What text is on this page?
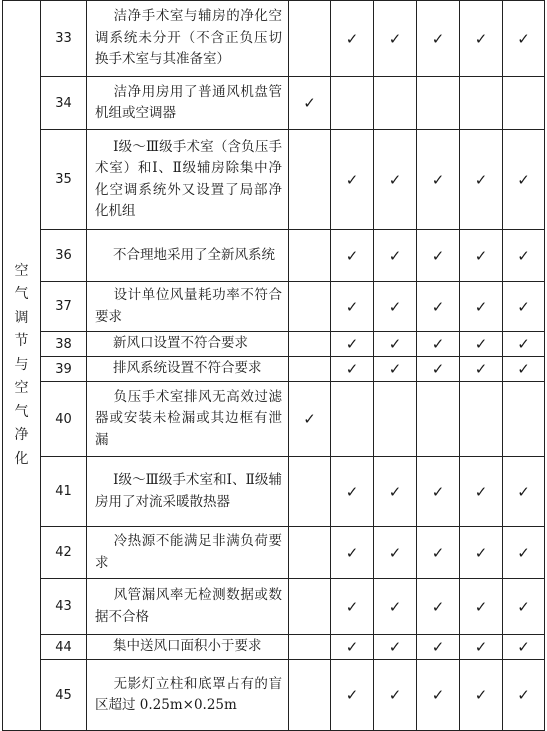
空气调节与空气净化	33	洁净手术室与辅房的净化空调系统未分开（不含正负压切换手术室与其准备室）		✓	✓	✓	✓	✓
	34	洁净用房用了普通风机盘管机组或空调器	✓					
	35	Ⅰ级～Ⅲ级手术室（含负压手术室）和Ⅰ、Ⅱ级辅房除集中净化空调系统外又设置了局部净化机组		✓	✓	✓	✓	✓
	36	不合理地采用了全新风系统		✓	✓	✓	✓	✓
	37	设计单位风量耗功率不符合要求		✓	✓	✓	✓	✓
	38	新风口设置不符合要求		✓	✓	✓	✓	✓
	39	排风系统设置不符合要求		✓	✓	✓	✓	✓
	40	负压手术室排风无高效过滤器或安装未检漏或其边框有泄漏	✓					
	41	Ⅰ级～Ⅲ级手术室和Ⅰ、Ⅱ级辅房用了对流采暖散热器		✓	✓	✓	✓	✓
	42	冷热源不能满足非满负荷要求		✓	✓	✓	✓	✓
	43	风管漏风率无检测数据或数据不合格		✓	✓	✓	✓	✓
	44	集中送风口面积小于要求		✓	✓	✓	✓	✓
	45	无影灯立柱和底罩占有的盲区超过 0.25m×0.25m		✓	✓	✓	✓	✓
